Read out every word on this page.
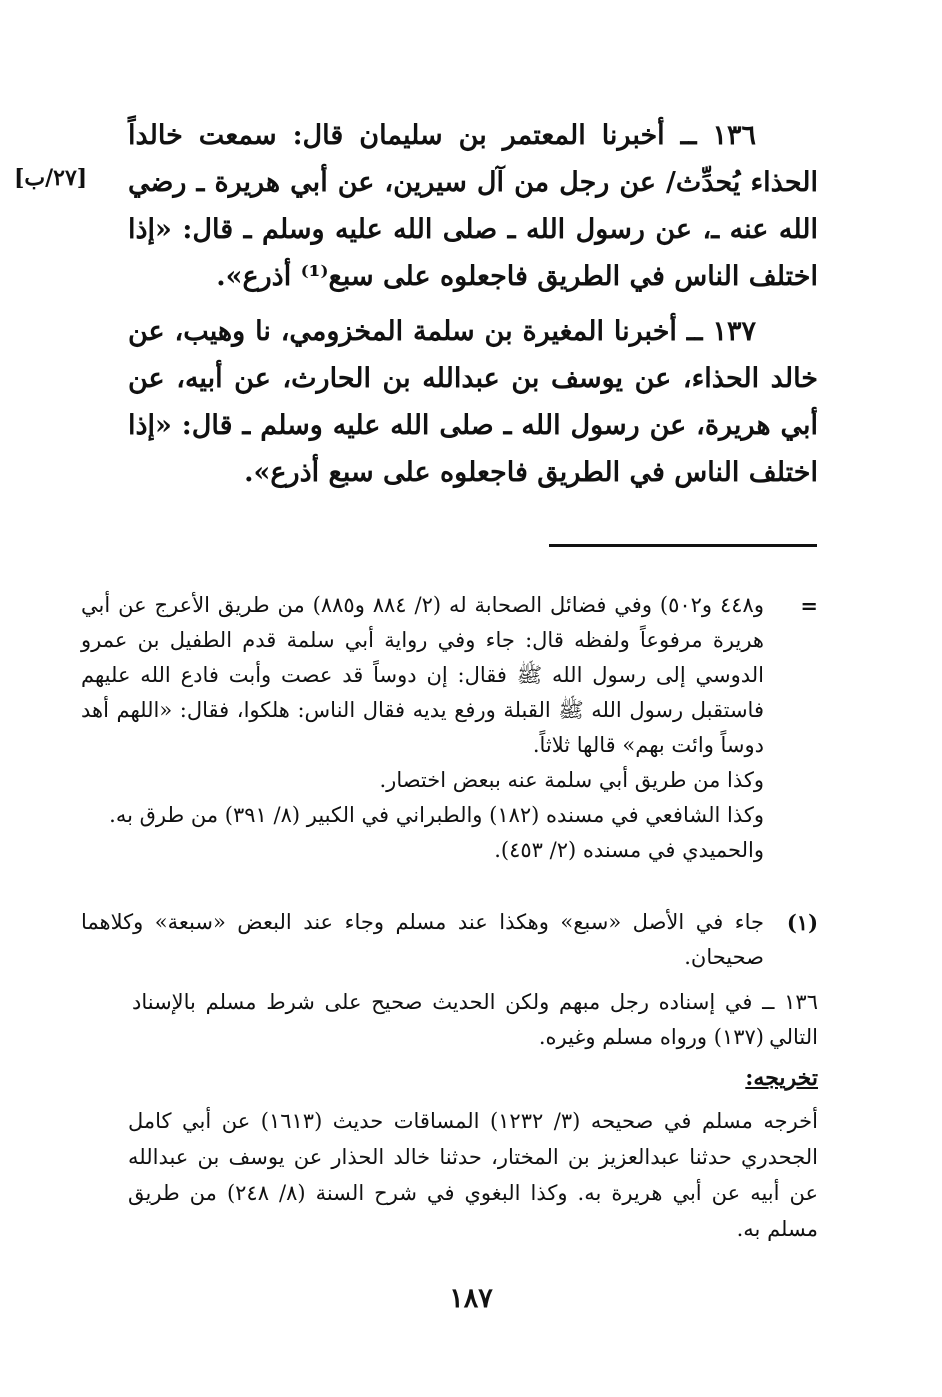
١٣٦ ــ أخبرنا المعتمر بن سليمان قال: سمعت خالداً الحذاء يُحدِّث/ عن رجل من آل سيرين، عن أبي هريرة ـ رضي الله عنه ـ، عن رسول الله ـ صلى الله عليه وسلم ـ قال: «إذا اختلف الناس في الطريق فاجعلوه على سبع⁽¹⁾ أذرع».

[٢٧/ب]

١٣٧ ــ أخبرنا المغيرة بن سلمة المخزومي، نا وهيب، عن خالد الحذاء، عن يوسف بن عبدالله بن الحارث، عن أبيه، عن أبي هريرة، عن رسول الله ـ صلى الله عليه وسلم ـ قال: «إذا اختلف الناس في الطريق فاجعلوه على سبع أذرع».

=
و٤٤٨ و٥٠٢) وفي فضائل الصحابة له (٢/ ٨٨٤ و٨٨٥) من طريق الأعرج عن أبي هريرة مرفوعاً ولفظه قال: جاء وفي رواية أبي سلمة قدم الطفيل بن عمرو الدوسي إلى رسول الله ﷺ فقال: إن دوساً قد عصت وأبت فادع الله عليهم فاستقبل رسول الله ﷺ القبلة ورفع يديه فقال الناس: هلكوا، فقال: «اللهم أهد دوساً وائت بهم» قالها ثلاثاً.
وكذا من طريق أبي سلمة عنه ببعض اختصار.
وكذا الشافعي في مسنده (١٨٢) والطبراني في الكبير (٨/ ٣٩١) من طرق به.
والحميدي في مسنده (٢/ ٤٥٣).
(١)
جاء في الأصل «سبع» وهكذا عند مسلم وجاء عند البعض «سبعة» وكلاهما صحيحان.
١٣٦ ــ في إسناده رجل مبهم ولكن الحديث صحيح على شرط مسلم بالإسناد التالي
(١٣٧) ورواه مسلم وغيره.
تخريجه:
أخرجه مسلم في صحيحه (٣/ ١٢٣٢) المساقات حديث (١٦١٣) عن أبي كامل الجحدري حدثنا عبدالعزيز بن المختار، حدثنا خالد الحذار عن يوسف بن عبدالله عن أبيه عن أبي هريرة به. وكذا البغوي في شرح السنة (٨/ ٢٤٨) من طريق مسلم به.
١٨٧
